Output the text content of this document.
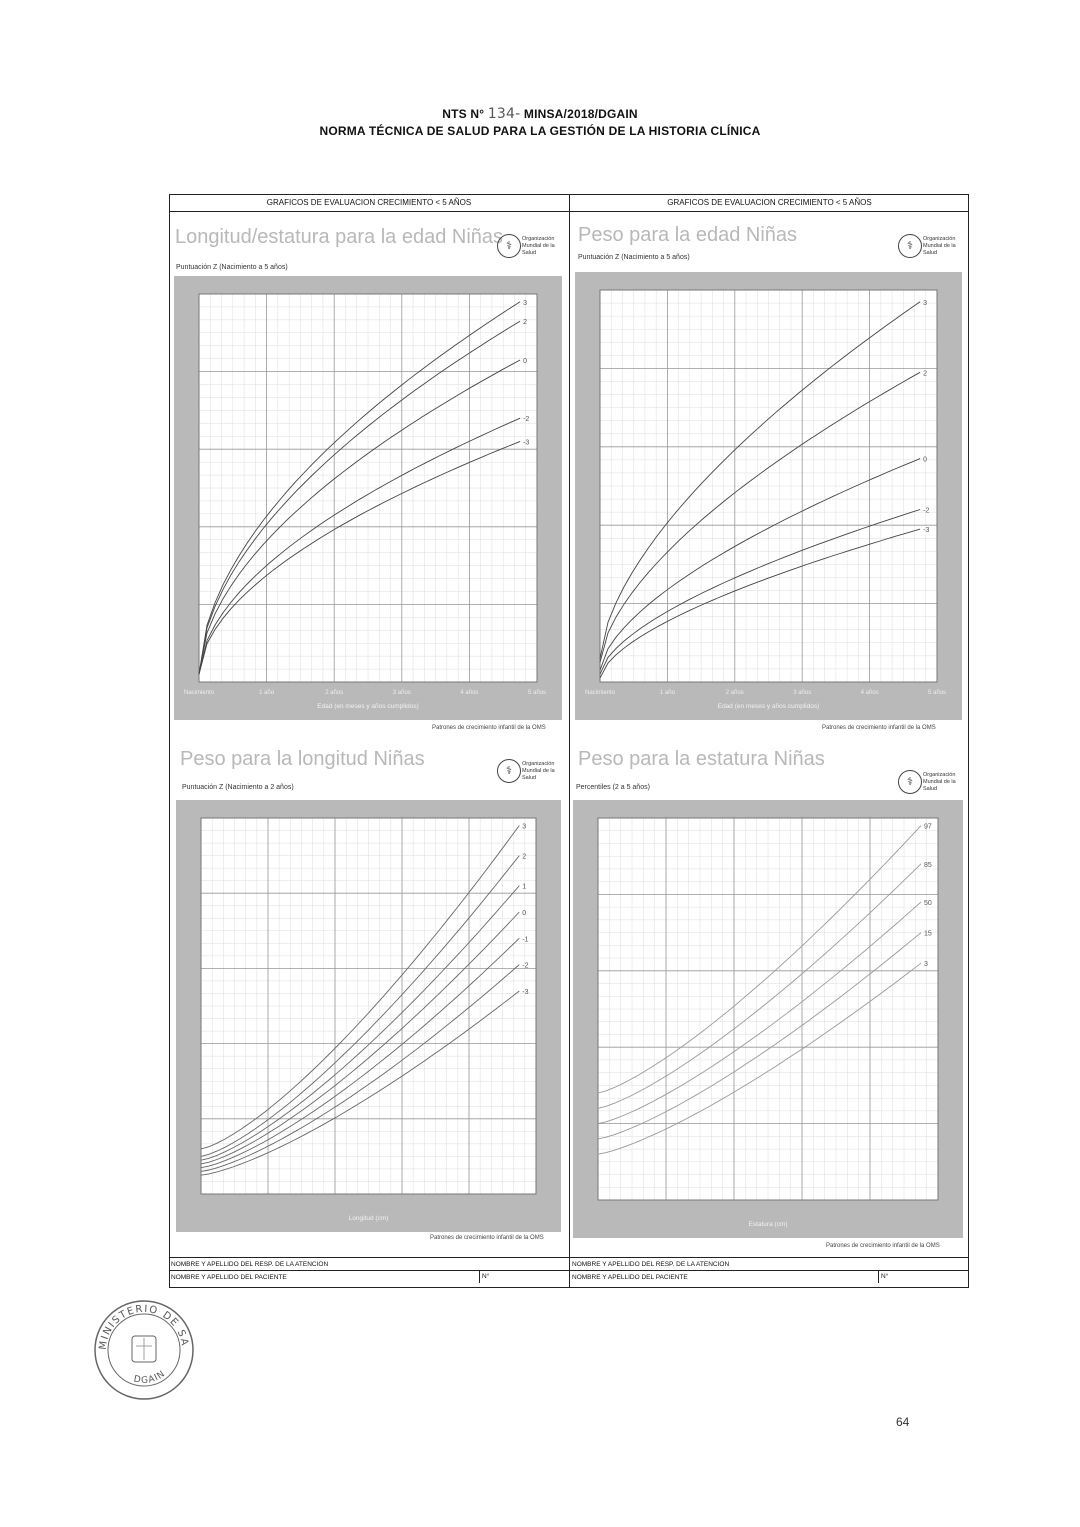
NTS N° 134- MINSA/2018/DGAIN
NORMA TÉCNICA DE SALUD PARA LA GESTIÓN DE LA HISTORIA CLÍNICA
GRAFICOS DE EVALUACION CRECIMIENTO < 5 AÑOS	GRAFICOS DE EVALUACION CRECIMIENTO < 5 AÑOS
Longitud/estatura para la edad Niñas
Puntuación Z (Nacimiento a 5 años)
⚕
Organización
Mundial de la Salud
3
2
0
-2
-3
Nacimiento	1 año	2 años	3 años	4 años	5 años
Edad (en meses y años cumplidos)
Patrones de crecimiento infantil de la OMS
Peso para la edad Niñas
Puntuación Z (Nacimiento a 5 años)
⚕
Organización
Mundial de la Salud
3
2
0
-2
-3
Nacimiento	1 año	2 años	3 años	4 años	5 años
Edad (en meses y años cumplidos)
Patrones de crecimiento infantil de la OMS
Peso para la longitud Niñas
Puntuación Z (Nacimiento a 2 años)
⚕
Organización
Mundial de la Salud
3
2
1
0
-1
-2
-3
Longitud (cm)
Patrones de crecimiento infantil de la OMS
Peso para la estatura Niñas
Percentiles (2 a 5 años)	⚕
Organización
Mundial de la Salud
97
85
50
15
3
Estatura (cm)
Patrones de crecimiento infantil de la OMS
NOMBRE Y APELLIDO DEL RESP. DE LA ATENCION
NOMBRE Y APELLIDO DEL PACIENTE	N°
NOMBRE Y APELLIDO DEL RESP. DE LA ATENCION
NOMBRE Y APELLIDO DEL PACIENTE	N°
MINISTERIO DE SA
DGAIN
64
